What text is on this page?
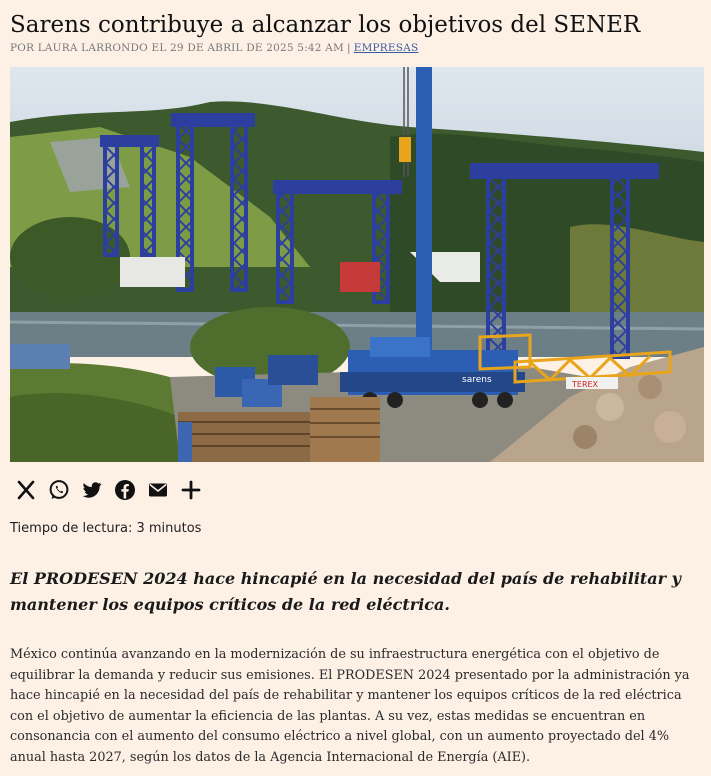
Sarens contribuye a alcanzar los objetivos del SENER
POR LAURA LARRONDO EL 29 DE ABRIL DE 2025 5:42 AM | EMPRESAS
sarens	TEREX
Tiempo de lectura: 3 minutos

El PRODESEN 2024 hace hincapié en la necesidad del país de rehabilitar y mantener los equipos críticos de la red eléctrica.

México continúa avanzando en la modernización de su infraestructura energética con el objetivo de equilibrar la demanda y reducir sus emisiones. El PRODESEN 2024 presentado por la administración ya hace hincapié en la necesidad del país de rehabilitar y mantener los equipos críticos de la red eléctrica con el objetivo de aumentar la eficiencia de las plantas. A su vez, estas medidas se encuentran en consonancia con el aumento del consumo eléctrico a nivel global, con un aumento proyectado del 4% anual hasta 2027, según los datos de la Agencia Internacional de Energía (AIE).
